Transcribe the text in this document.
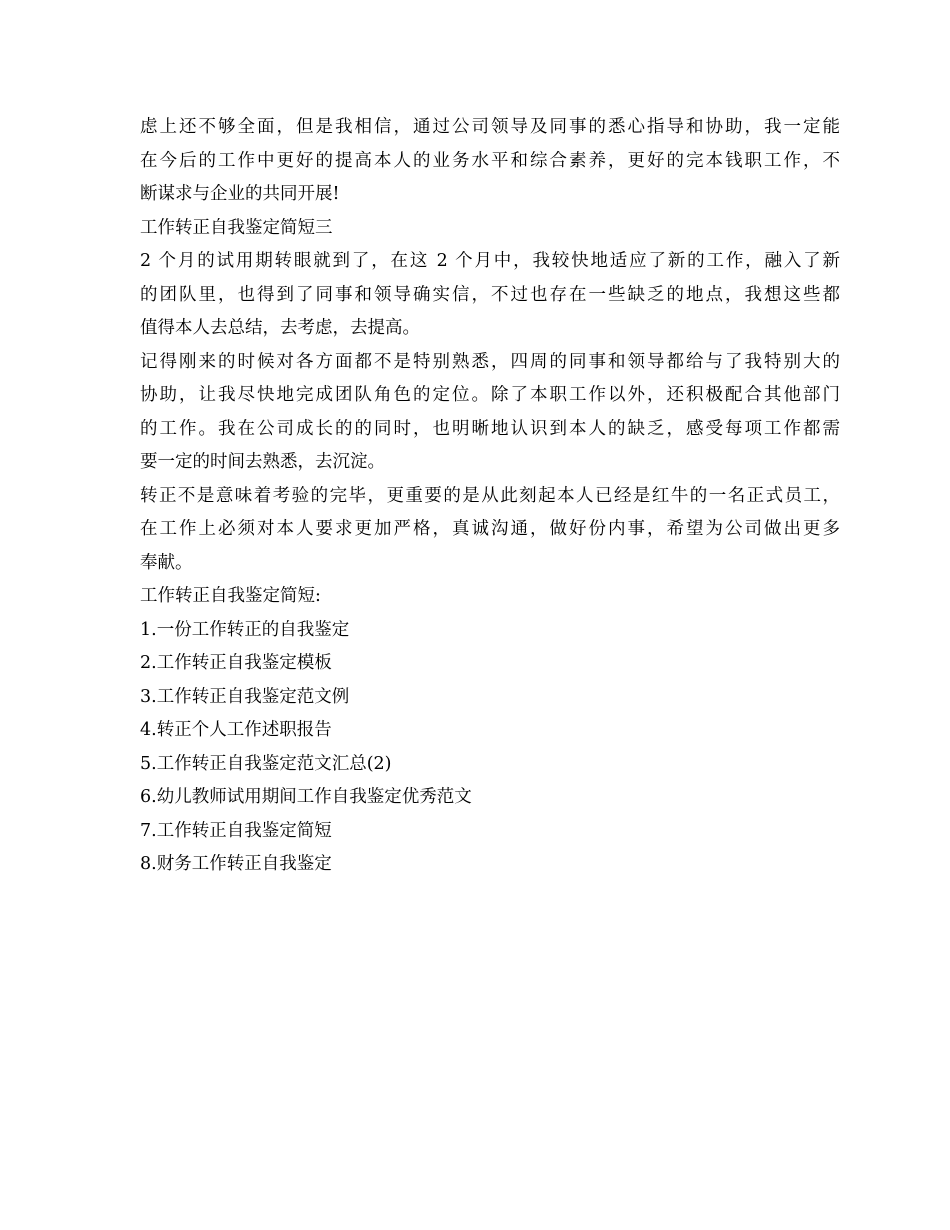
虑上还不够全面，但是我相信，通过公司领导及同事的悉心指导和协助，我一定能
在今后的工作中更好的提高本人的业务水平和综合素养，更好的完本钱职工作，不
断谋求与企业的共同开展!
工作转正自我鉴定简短三
2 个月的试用期转眼就到了，在这 2 个月中，我较快地适应了新的工作，融入了新
的团队里，也得到了同事和领导确实信，不过也存在一些缺乏的地点，我想这些都
值得本人去总结，去考虑，去提高。
记得刚来的时候对各方面都不是特别熟悉，四周的同事和领导都给与了我特别大的
协助，让我尽快地完成团队角色的定位。除了本职工作以外，还积极配合其他部门
的工作。我在公司成长的的同时，也明晰地认识到本人的缺乏，感受每项工作都需
要一定的时间去熟悉，去沉淀。
转正不是意味着考验的完毕，更重要的是从此刻起本人已经是红牛的一名正式员工，
在工作上必须对本人要求更加严格，真诚沟通，做好份内事，希望为公司做出更多
奉献。
工作转正自我鉴定简短:
1.一份工作转正的自我鉴定
2.工作转正自我鉴定模板
3.工作转正自我鉴定范文例
4.转正个人工作述职报告
5.工作转正自我鉴定范文汇总(2)
6.幼儿教师试用期间工作自我鉴定优秀范文
7.工作转正自我鉴定简短
8.财务工作转正自我鉴定
